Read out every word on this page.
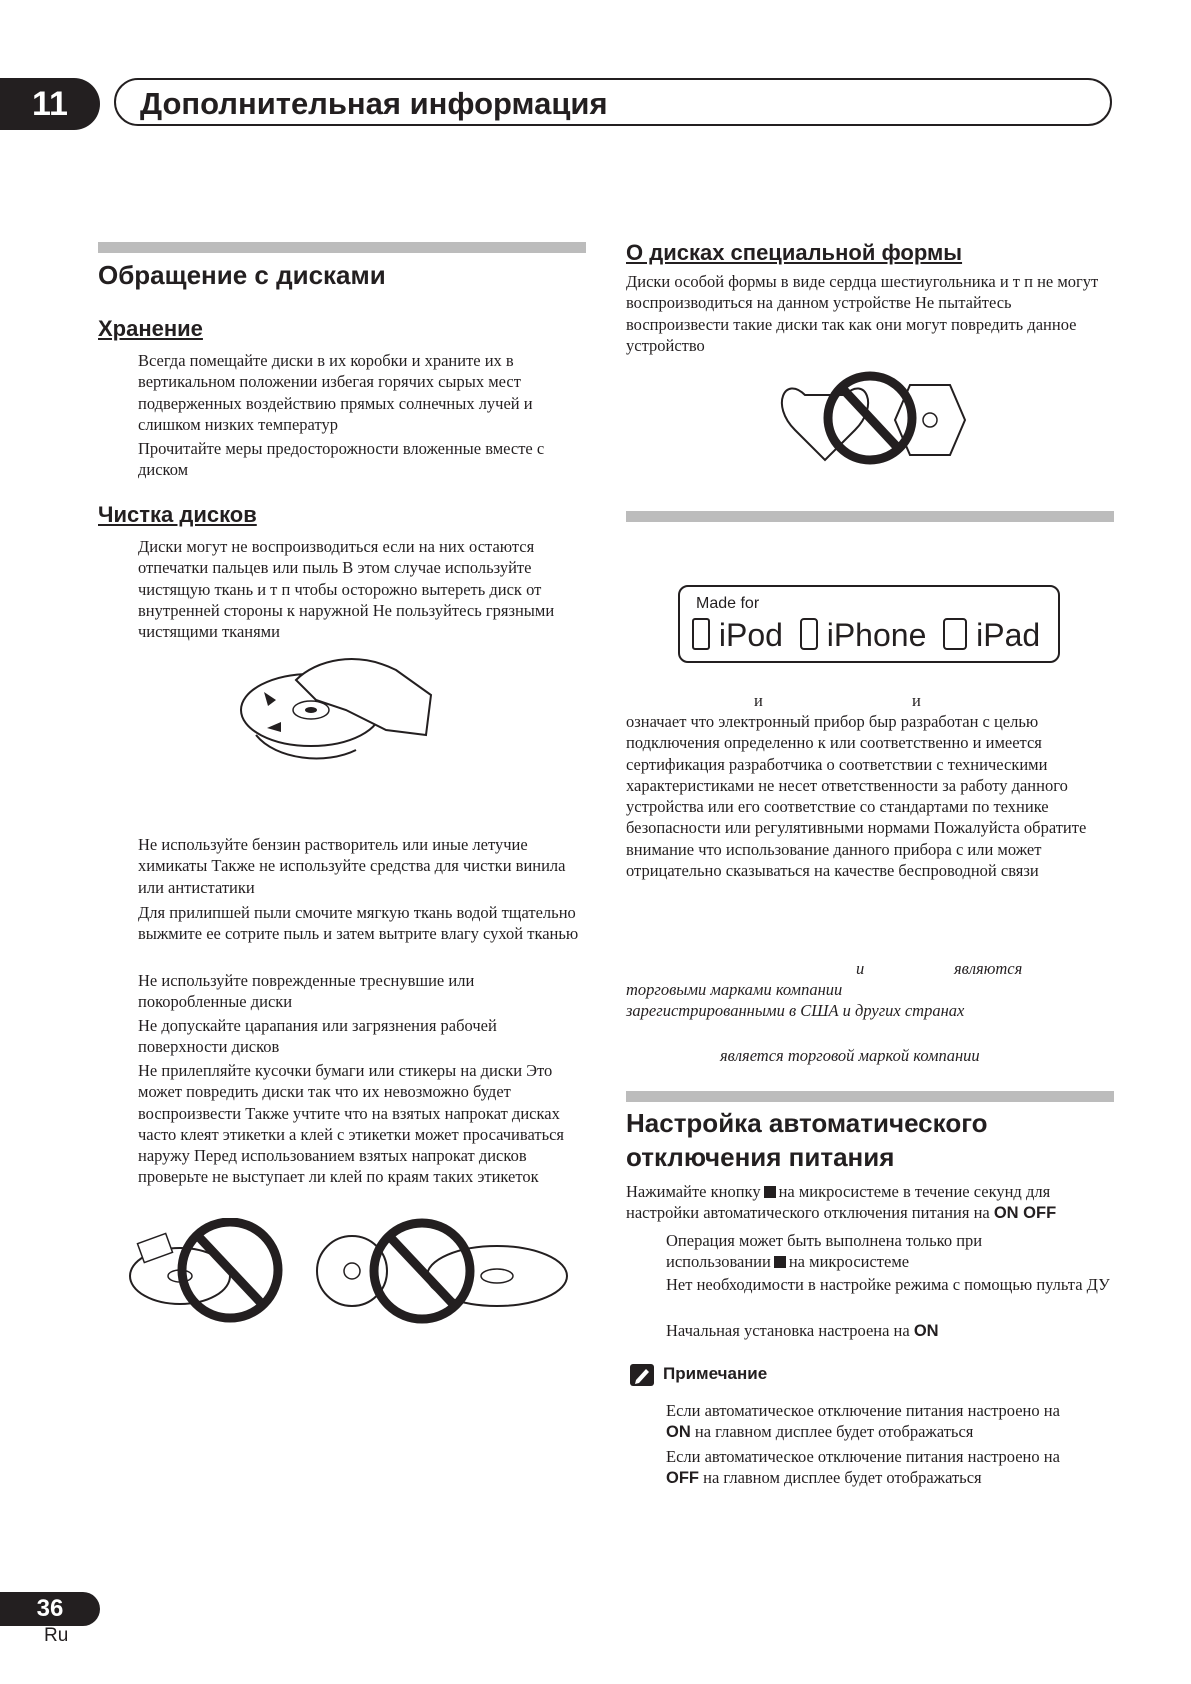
11	Дополнительная информация
Обращение с дисками
Хранение
Всегда помещайте диски в их коробки и храните их в вертикальном положении избегая горячих сырых мест подверженных воздействию прямых солнечных лучей и слишком низких температур
Прочитайте меры предосторожности вложенные вместе с диском
Чистка дисков
Диски могут не воспроизводиться если на них остаются отпечатки пальцев или пыль В этом случае используйте чистящую ткань и т п чтобы осторожно вытереть диск от внутренней стороны к наружной Не пользуйтесь грязными чистящими тканями
Не используйте бензин растворитель или иные летучие химикаты Также не используйте средства для чистки винила или антистатики
Для прилипшей пыли смочите мягкую ткань водой тщательно выжмите ее сотрите пыль и затем вытрите влагу сухой тканью
Не используйте поврежденные треснувшие или покоробленные диски
Не допускайте царапания или загрязнения рабочей поверхности дисков
Не прилепляйте кусочки бумаги или стикеры на диски Это может повредить диски так что их невозможно будет воспроизвести Также учтите что на взятых напрокат дисках часто клеят этикетки а клей с этикетки может просачиваться наружу Перед использованием взятых напрокат дисков проверьте не выступает ли клей по краям таких этикеток
О дисках специальной формы
Диски особой формы в виде сердца шестиугольника и т п не могут воспроизводиться на данном устройстве Не пытайтесь воспроизвести такие диски так как они могут повредить данное устройство
Made for
iPod iPhone iPad
и	и
означает что электронный прибор быр разработан с целью подключения определенно к или соответственно и имеется сертификация разработчика о соответствии с техническими характеристиками не несет ответственности за работу данного устройства или его соответствие со стандартами по технике безопасности или регулятивными нормами Пожалуйста обратите внимание что использование данного прибора с или может отрицательно сказываться на качестве беспроводной связи
и	являются
торговыми марками компании
зарегистрированными в США и других странах
является торговой маркой компании
Настройка автоматического
отключения питания
Нажимайте кнопку на микросистеме в течение секунд для
настройки автоматического отключения питания на ON OFF
Операция может быть выполнена только при
использовании на микросистеме
Нет необходимости в настройке режима с помощью пульта ДУ
Начальная установка настроена на ON
Примечание
Если автоматическое отключение питания настроено на
ON на главном дисплее будет отображаться
Если автоматическое отключение питания настроено на
OFF на главном дисплее будет отображаться
36
Ru
